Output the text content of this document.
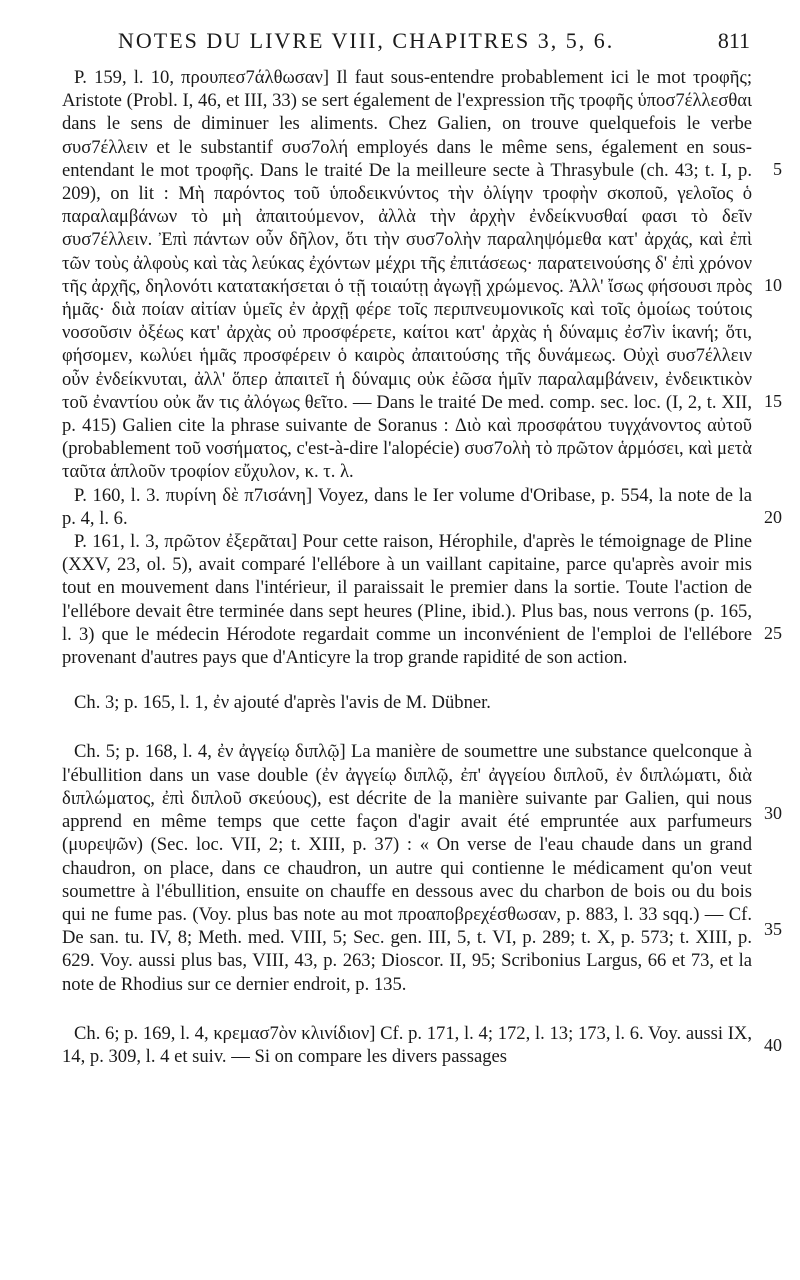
NOTES DU LIVRE VIII, CHAPITRES 3, 5, 6.	811

P. 159, l. 10, προυπεσ7άλθωσαν] Il faut sous-entendre probablement ici le mot τροφῆς; Aristote (Probl. I, 46, et III, 33) se sert également de l'expression τῆς τροφῆς ὑποσ7έλλεσθαι dans le sens de diminuer les aliments. Chez Galien, on trouve quelquefois le verbe συσ7έλλειν et le substantif συσ7ολή employés dans le même sens, également en sous-entendant le mot τροφῆς. Dans le traité De la meilleure secte à Thrasybule (ch. 43; t. I, p. 209), on lit : Μὴ παρόντος τοῦ ὑποδεικνύντος τὴν ὀλίγην τροφὴν σκοποῦ, γελοῖος ὁ παραλαμβάνων τὸ μὴ ἀπαιτούμενον, ἀλλὰ τὴν ἀρχὴν ἐνδείκνυσθαί φασι τὸ δεῖν συσ7έλλειν. Ἐπὶ πάντων οὖν δῆλον, ὅτι τὴν συσ7ολὴν παραληψόμεθα κατ' ἀρχάς, καὶ ἐπὶ τῶν τοὺς ἀλφοὺς καὶ τὰς λεύκας ἐχόντων μέχρι τῆς ἐπιτάσεως· παρατεινούσης δ' ἐπὶ χρόνον τῆς ἀρχῆς, δηλονότι κατατακήσεται ὁ τῇ τοιαύτῃ ἀγωγῇ χρώμενος. Ἀλλ' ἴσως φήσουσι πρὸς ἡμᾶς· διὰ ποίαν αἰτίαν ὑμεῖς ἐν ἀρχῇ φέρε τοῖς περιπνευμονικοῖς καὶ τοῖς ὁμοίως τούτοις νοσοῦσιν ὀξέως κατ' ἀρχὰς οὐ προσφέρετε, καίτοι κατ' ἀρχὰς ἡ δύναμις ἐσ7ὶν ἱκανή; ὅτι, φήσομεν, κωλύει ἡμᾶς προσφέρειν ὁ καιρὸς ἀπαιτούσης τῆς δυνάμεως. Οὐχὶ συσ7έλλειν οὖν ἐνδείκνυται, ἀλλ' ὅπερ ἀπαιτεῖ ἡ δύναμις οὐκ ἐῶσα ἡμῖν παραλαμβάνειν, ἐνδεικτικὸν τοῦ ἐναντίου οὐκ ἄν τις ἀλόγως θεῖτο. — Dans le traité De med. comp. sec. loc. (I, 2, t. XII, p. 415) Galien cite la phrase suivante de Soranus : Διὸ καὶ προσφάτου τυγχάνοντος αὐτοῦ (probablement τοῦ νοσήματος, c'est-à-dire l'alopécie) συσ7ολὴ τὸ πρῶτον ἁρμόσει, καὶ μετὰ ταῦτα ἁπλοῦν τροφίον εὔχυλον, κ. τ. λ.

P. 160, l. 3. πυρίνη δὲ π7ισάνη] Voyez, dans le Ier volume d'Oribase, p. 554, la note de la p. 4, l. 6.

P. 161, l. 3, πρῶτον ἐξερᾶται] Pour cette raison, Hérophile, d'après le témoignage de Pline (XXV, 23, ol. 5), avait comparé l'ellébore à un vaillant capitaine, parce qu'après avoir mis tout en mouvement dans l'intérieur, il paraissait le premier dans la sortie. Toute l'action de l'ellébore devait être terminée dans sept heures (Pline, ibid.). Plus bas, nous verrons (p. 165, l. 3) que le médecin Hérodote regardait comme un inconvénient de l'emploi de l'ellébore provenant d'autres pays que d'Anticyre la trop grande rapidité de son action.

Ch. 3; p. 165, l. 1, ἐν ajouté d'après l'avis de M. Dübner.

Ch. 5; p. 168, l. 4, ἐν ἀγγείῳ διπλῷ] La manière de soumettre une substance quelconque à l'ébullition dans un vase double (ἐν ἀγγείῳ διπλῷ, ἐπ' ἀγγείου διπλοῦ, ἐν διπλώματι, διὰ διπλώματος, ἐπὶ διπλοῦ σκεύους), est décrite de la manière suivante par Galien, qui nous apprend en même temps que cette façon d'agir avait été empruntée aux parfumeurs (μυρεψῶν) (Sec. loc. VII, 2; t. XIII, p. 37) : « On verse de l'eau chaude dans un grand chaudron, on place, dans ce chaudron, un autre qui contienne le médicament qu'on veut soumettre à l'ébullition, ensuite on chauffe en dessous avec du charbon de bois ou du bois qui ne fume pas. (Voy. plus bas note au mot προαποβρεχέσθωσαν, p. 883, l. 33 sqq.) — Cf. De san. tu. IV, 8; Meth. med. VIII, 5; Sec. gen. III, 5, t. VI, p. 289; t. X, p. 573; t. XIII, p. 629. Voy. aussi plus bas, VIII, 43, p. 263; Dioscor. II, 95; Scribonius Largus, 66 et 73, et la note de Rhodius sur ce dernier endroit, p. 135.

Ch. 6; p. 169, l. 4, κρεμασ7ὸν κλινίδιον] Cf. p. 171, l. 4; 172, l. 13; 173, l. 6. Voy. aussi IX, 14, p. 309, l. 4 et suiv. — Si on compare les divers passages

5
10
15
20
25
30
35
40
